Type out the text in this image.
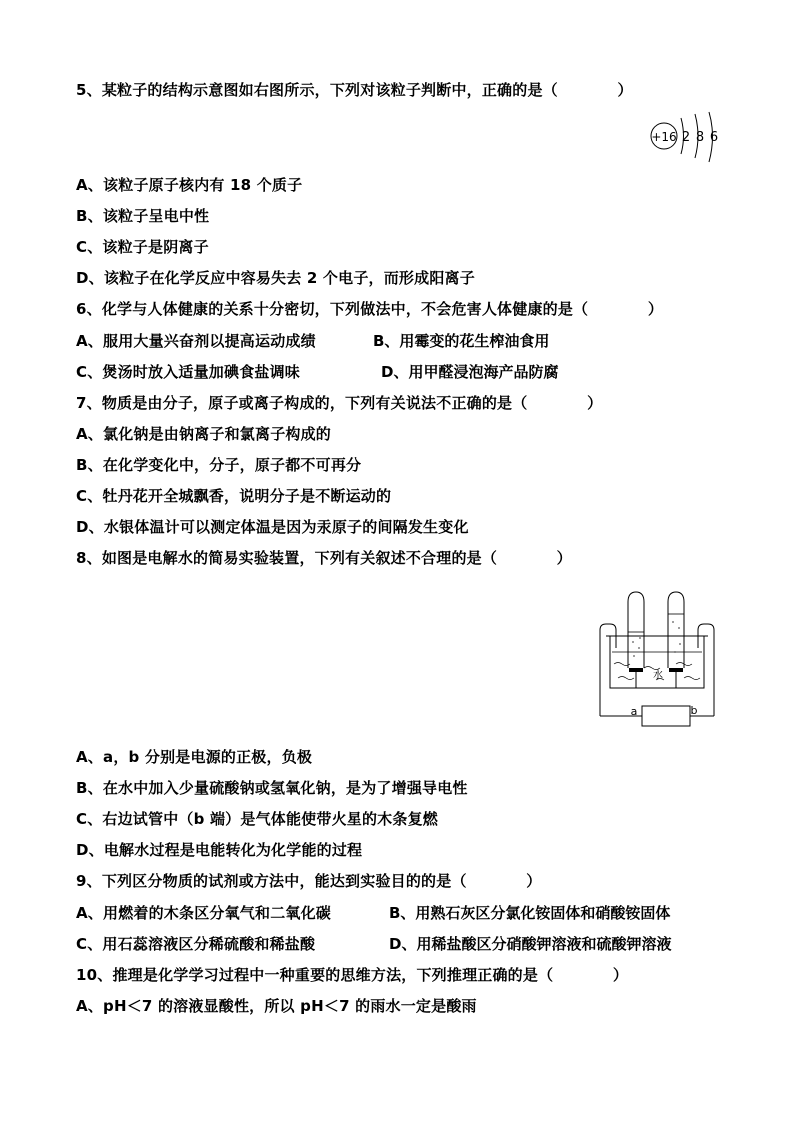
5、某粒子的结构示意图如右图所示，下列对该粒子判断中，正确的是（           ）
+16 2 8 6
A、该粒子原子核内有 18 个质子
B、该粒子呈电中性
C、该粒子是阴离子
D、该粒子在化学反应中容易失去 2 个电子，而形成阳离子
6、化学与人体健康的关系十分密切，下列做法中，不会危害人体健康的是（           ）
A、服用大量兴奋剂以提高运动成绩	B、用霉变的花生榨油食用
C、煲汤时放入适量加碘食盐调味	D、用甲醛浸泡海产品防腐
7、物质是由分子，原子或离子构成的，下列有关说法不正确的是（           ）
A、氯化钠是由钠离子和氯离子构成的
B、在化学变化中，分子，原子都不可再分
C、牡丹花开全城飘香，说明分子是不断运动的
D、水银体温计可以测定体温是因为汞原子的间隔发生变化
8、如图是电解水的简易实验装置，下列有关叙述不合理的是（           ）
水
a	b
A、a，b 分别是电源的正极，负极
B、在水中加入少量硫酸钠或氢氧化钠，是为了增强导电性
C、右边试管中（b 端）是气体能使带火星的木条复燃
D、电解水过程是电能转化为化学能的过程
9、下列区分物质的试剂或方法中，能达到实验目的的是（           ）
A、用燃着的木条区分氧气和二氧化碳	B、用熟石灰区分氯化铵固体和硝酸铵固体
C、用石蕊溶液区分稀硫酸和稀盐酸	D、用稀盐酸区分硝酸钾溶液和硫酸钾溶液
10、推理是化学学习过程中一种重要的思维方法，下列推理正确的是（           ）
A、pH＜7 的溶液显酸性，所以 pH＜7 的雨水一定是酸雨
